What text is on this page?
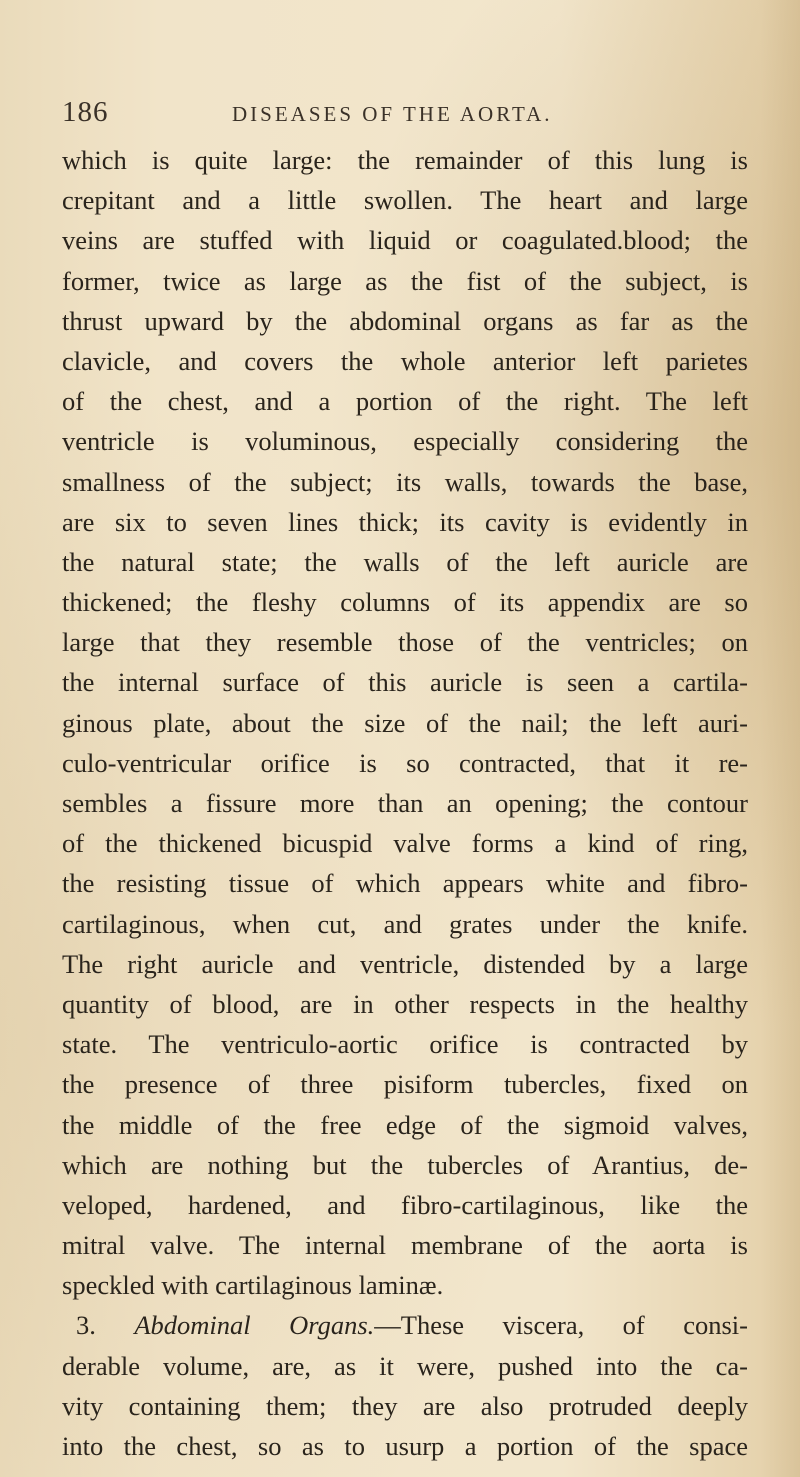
186	DISEASES OF THE AORTA.
which is quite large: the remainder of this lung is
crepitant and a little swollen. The heart and large
veins are stuffed with liquid or coagulated.blood; the
former, twice as large as the fist of the subject, is
thrust upward by the abdominal organs as far as the
clavicle, and covers the whole anterior left parietes
of the chest, and a portion of the right. The left
ventricle is voluminous, especially considering the
smallness of the subject; its walls, towards the base,
are six to seven lines thick; its cavity is evidently in
the natural state; the walls of the left auricle are
thickened; the fleshy columns of its appendix are so
large that they resemble those of the ventricles; on
the internal surface of this auricle is seen a cartila-
ginous plate, about the size of the nail; the left auri-
culo-ventricular orifice is so contracted, that it re-
sembles a fissure more than an opening; the contour
of the thickened bicuspid valve forms a kind of ring,
the resisting tissue of which appears white and fibro-
cartilaginous, when cut, and grates under the knife.
The right auricle and ventricle, distended by a large
quantity of blood, are in other respects in the healthy
state. The ventriculo-aortic orifice is contracted by
the presence of three pisiform tubercles, fixed on
the middle of the free edge of the sigmoid valves,
which are nothing but the tubercles of Arantius, de-
veloped, hardened, and fibro-cartilaginous, like the
mitral valve. The internal membrane of the aorta is
speckled with cartilaginous laminæ.
3. Abdominal Organs.—These viscera, of consi-
derable volume, are, as it were, pushed into the ca-
vity containing them; they are also protruded deeply
into the chest, so as to usurp a portion of the space
